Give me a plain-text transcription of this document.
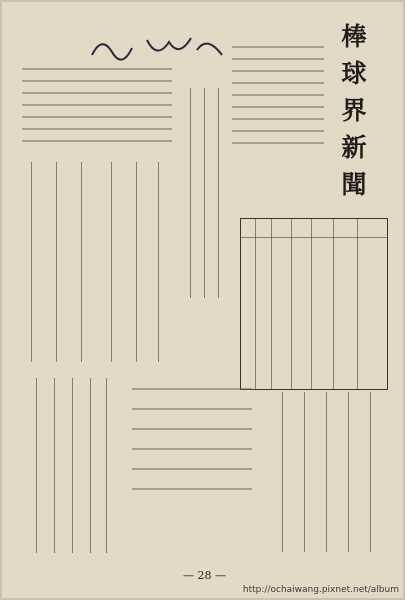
棒
球
界
新
聞
— 28 —
http://ochaiwang.pixnet.net/album
